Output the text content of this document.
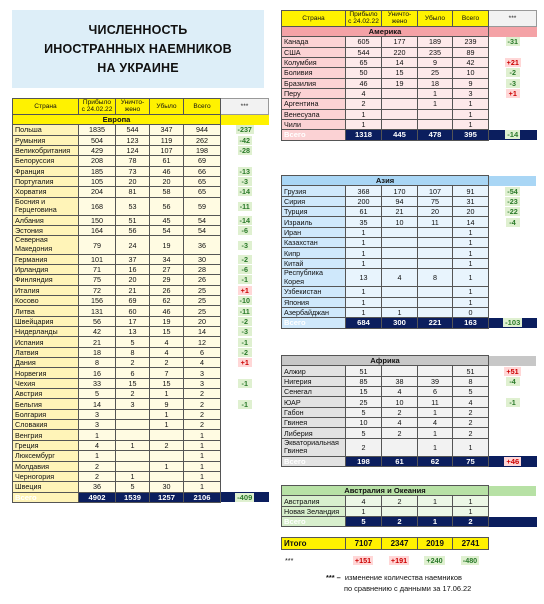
ЧИСЛЕННОСТЬ
ИНОСТРАННЫХ НАЕМНИКОВ
НА УКРАИНЕ
Страна	Прибыло с 24.02.22	Уничто-жено	Убыло	Всего	***
Европа					
Польша	1835	544	347	944	-237
Румыния	504	123	119	262	-42
Великобритания	429	124	107	198	-28
Белоруссия	208	78	61	69	
Франция	185	73	46	66	-13
Португалия	105	20	20	65	-3
Хорватия	204	81	58	65	-14
Босния и Герцеговина	168	53	56	59	-11
Албания	150	51	45	54	-14
Эстония	164	56	54	54	-6
Северная Македония	79	24	19	36	-3
Германия	101	37	34	30	-2
Ирландия	71	16	27	28	-6
Финляндия	75	20	29	26	-1
Италия	72	21	26	25	+1
Косово	156	69	62	25	-10
Литва	131	60	46	25	-11
Швейцария	56	17	19	20	-2
Нидерланды	42	13	15	14	-3
Испания	21	5	4	12	-1
Латвия	18	8	4	6	-2
Дания	8	2	2	4	+1
Норвегия	16	6	7	3	
Чехия	33	15	15	3	-1
Австрия	5	2	1	2	
Бельгия	14	3	9	2	-1
Болгария	3		1	2	
Словакия	3		1	2	
Венгрия	1			1	
Греция	4	1	2	1	
Люксембург	1			1	
Молдавия	2		1	1	
Черногория	2	1		1	
Швеция	36	5	30	1	
Всего	4902	1539	1257	2106	-409
Страна	Прибыло с 24.02.22	Уничто-жено	Убыло	Всего	***
Америка					
Канада	605	177	189	239	-31
США	544	220	235	89	
Колумбия	65	14	9	42	+21
Боливия	50	15	25	10	-2
Бразилия	46	19	18	9	-3
Перу	4		1	3	+1
Аргентина	2		1	1	
Венесуэла	1			1	
Чили	1			1	
Всего	1318	445	478	395	-14
Азия					
Грузия	368	170	107	91	-54
Сирия	200	94	75	31	-23
Турция	61	21	20	20	-22
Израиль	35	10	11	14	-4
Иран	1			1	
Казахстан	1			1	
Кипр	1			1	
Китай	1			1	
Республика Корея	13	4	8	1	
Узбекистан	1			1	
Япония	1			1	
Азербайджан	1	1		0	
Всего	684	300	221	163	-103
Африка					
Алжир	51			51	+51
Нигерия	85	38	39	8	-4
Сенегал	15	4	6	5	
ЮАР	25	10	11	4	-1
Габон	5	2	1	2	
Гвинея	10	4	4	2	
Либерия	5	2	1	2	
Экваториальная Гвинея	2		1	1	
Всего	198	61	62	75	+46
Австралия и Океания					
Австралия	4	2	1	1	
Новая Зеландия	1			1	
Всего	5	2	1	2	
Итого	7107	2347	2019	2741
***	+151	+191	+240	-480
*** – изменение количества наемников
по сравнению с данными за 17.06.22
